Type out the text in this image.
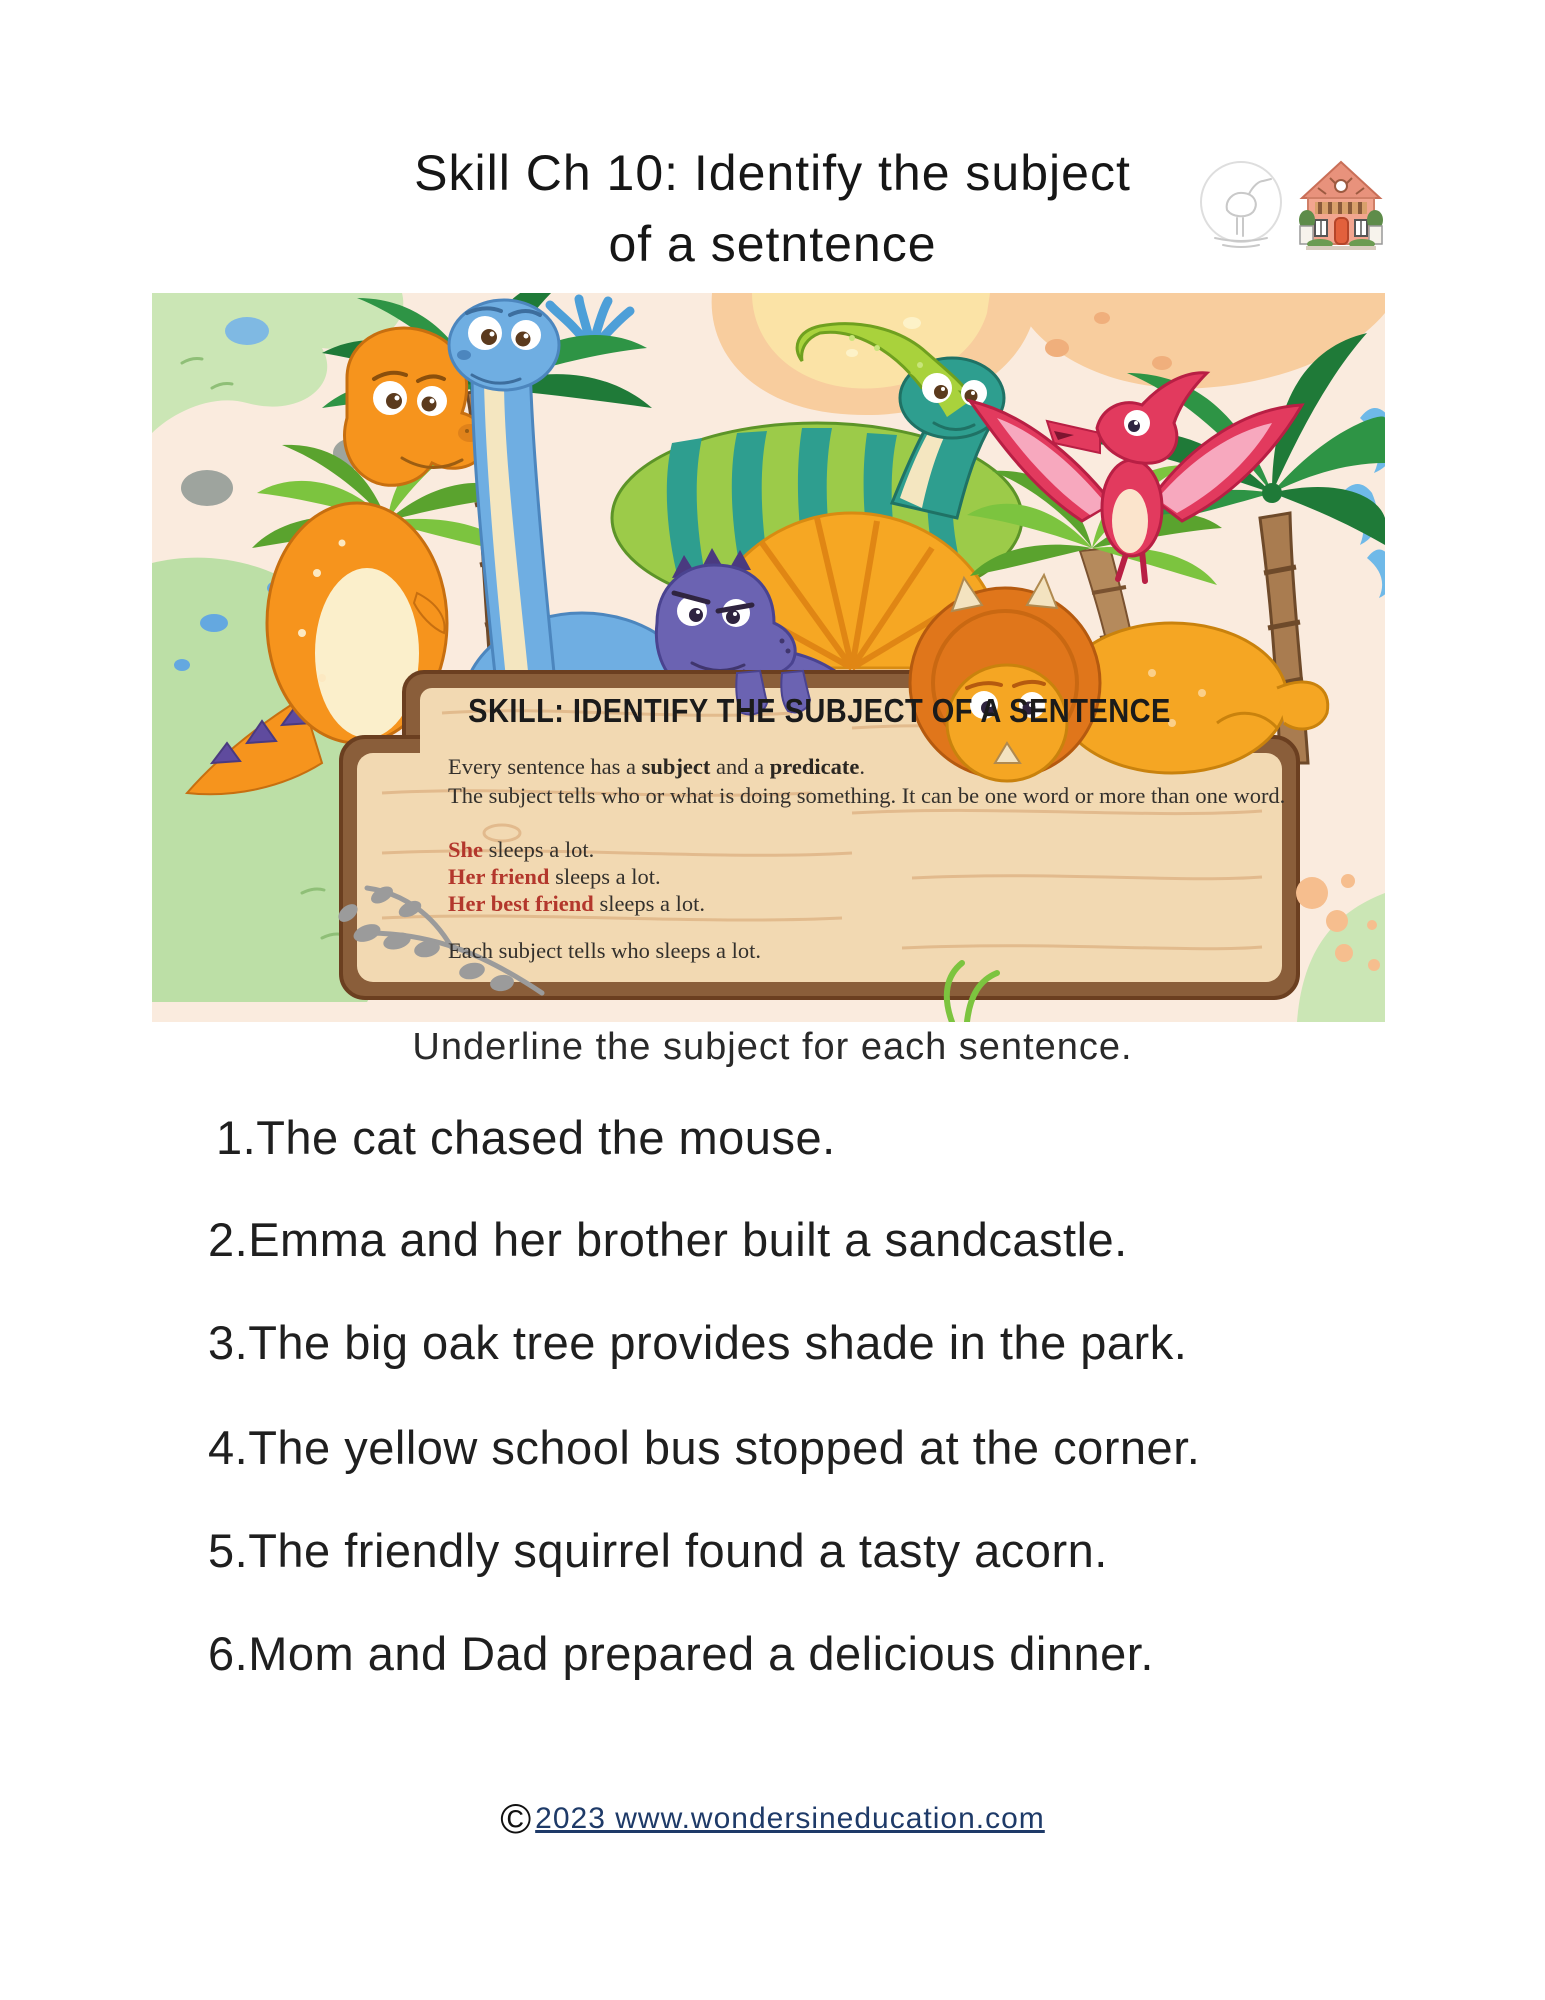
Skill Ch 10: Identify the subject
of a setntence
SKILL: IDENTIFY THE SUBJECT OF A SENTENCE
Every sentence has a subject and a predicate.
The subject tells who or what is doing something. It can be one word or more than one word.
She sleeps a lot.
Her friend sleeps a lot.
Her best friend sleeps a lot.
Each subject tells who sleeps a lot.
Underline the subject for each sentence.
1.The cat chased the mouse.
2.Emma and her brother built a sandcastle.
3.The big oak tree provides shade in the park.
4.The yellow school bus stopped at the corner.
5.The friendly squirrel found a tasty acorn.
6.Mom and Dad prepared a delicious dinner.
© 2023 www.wondersineducation.com
